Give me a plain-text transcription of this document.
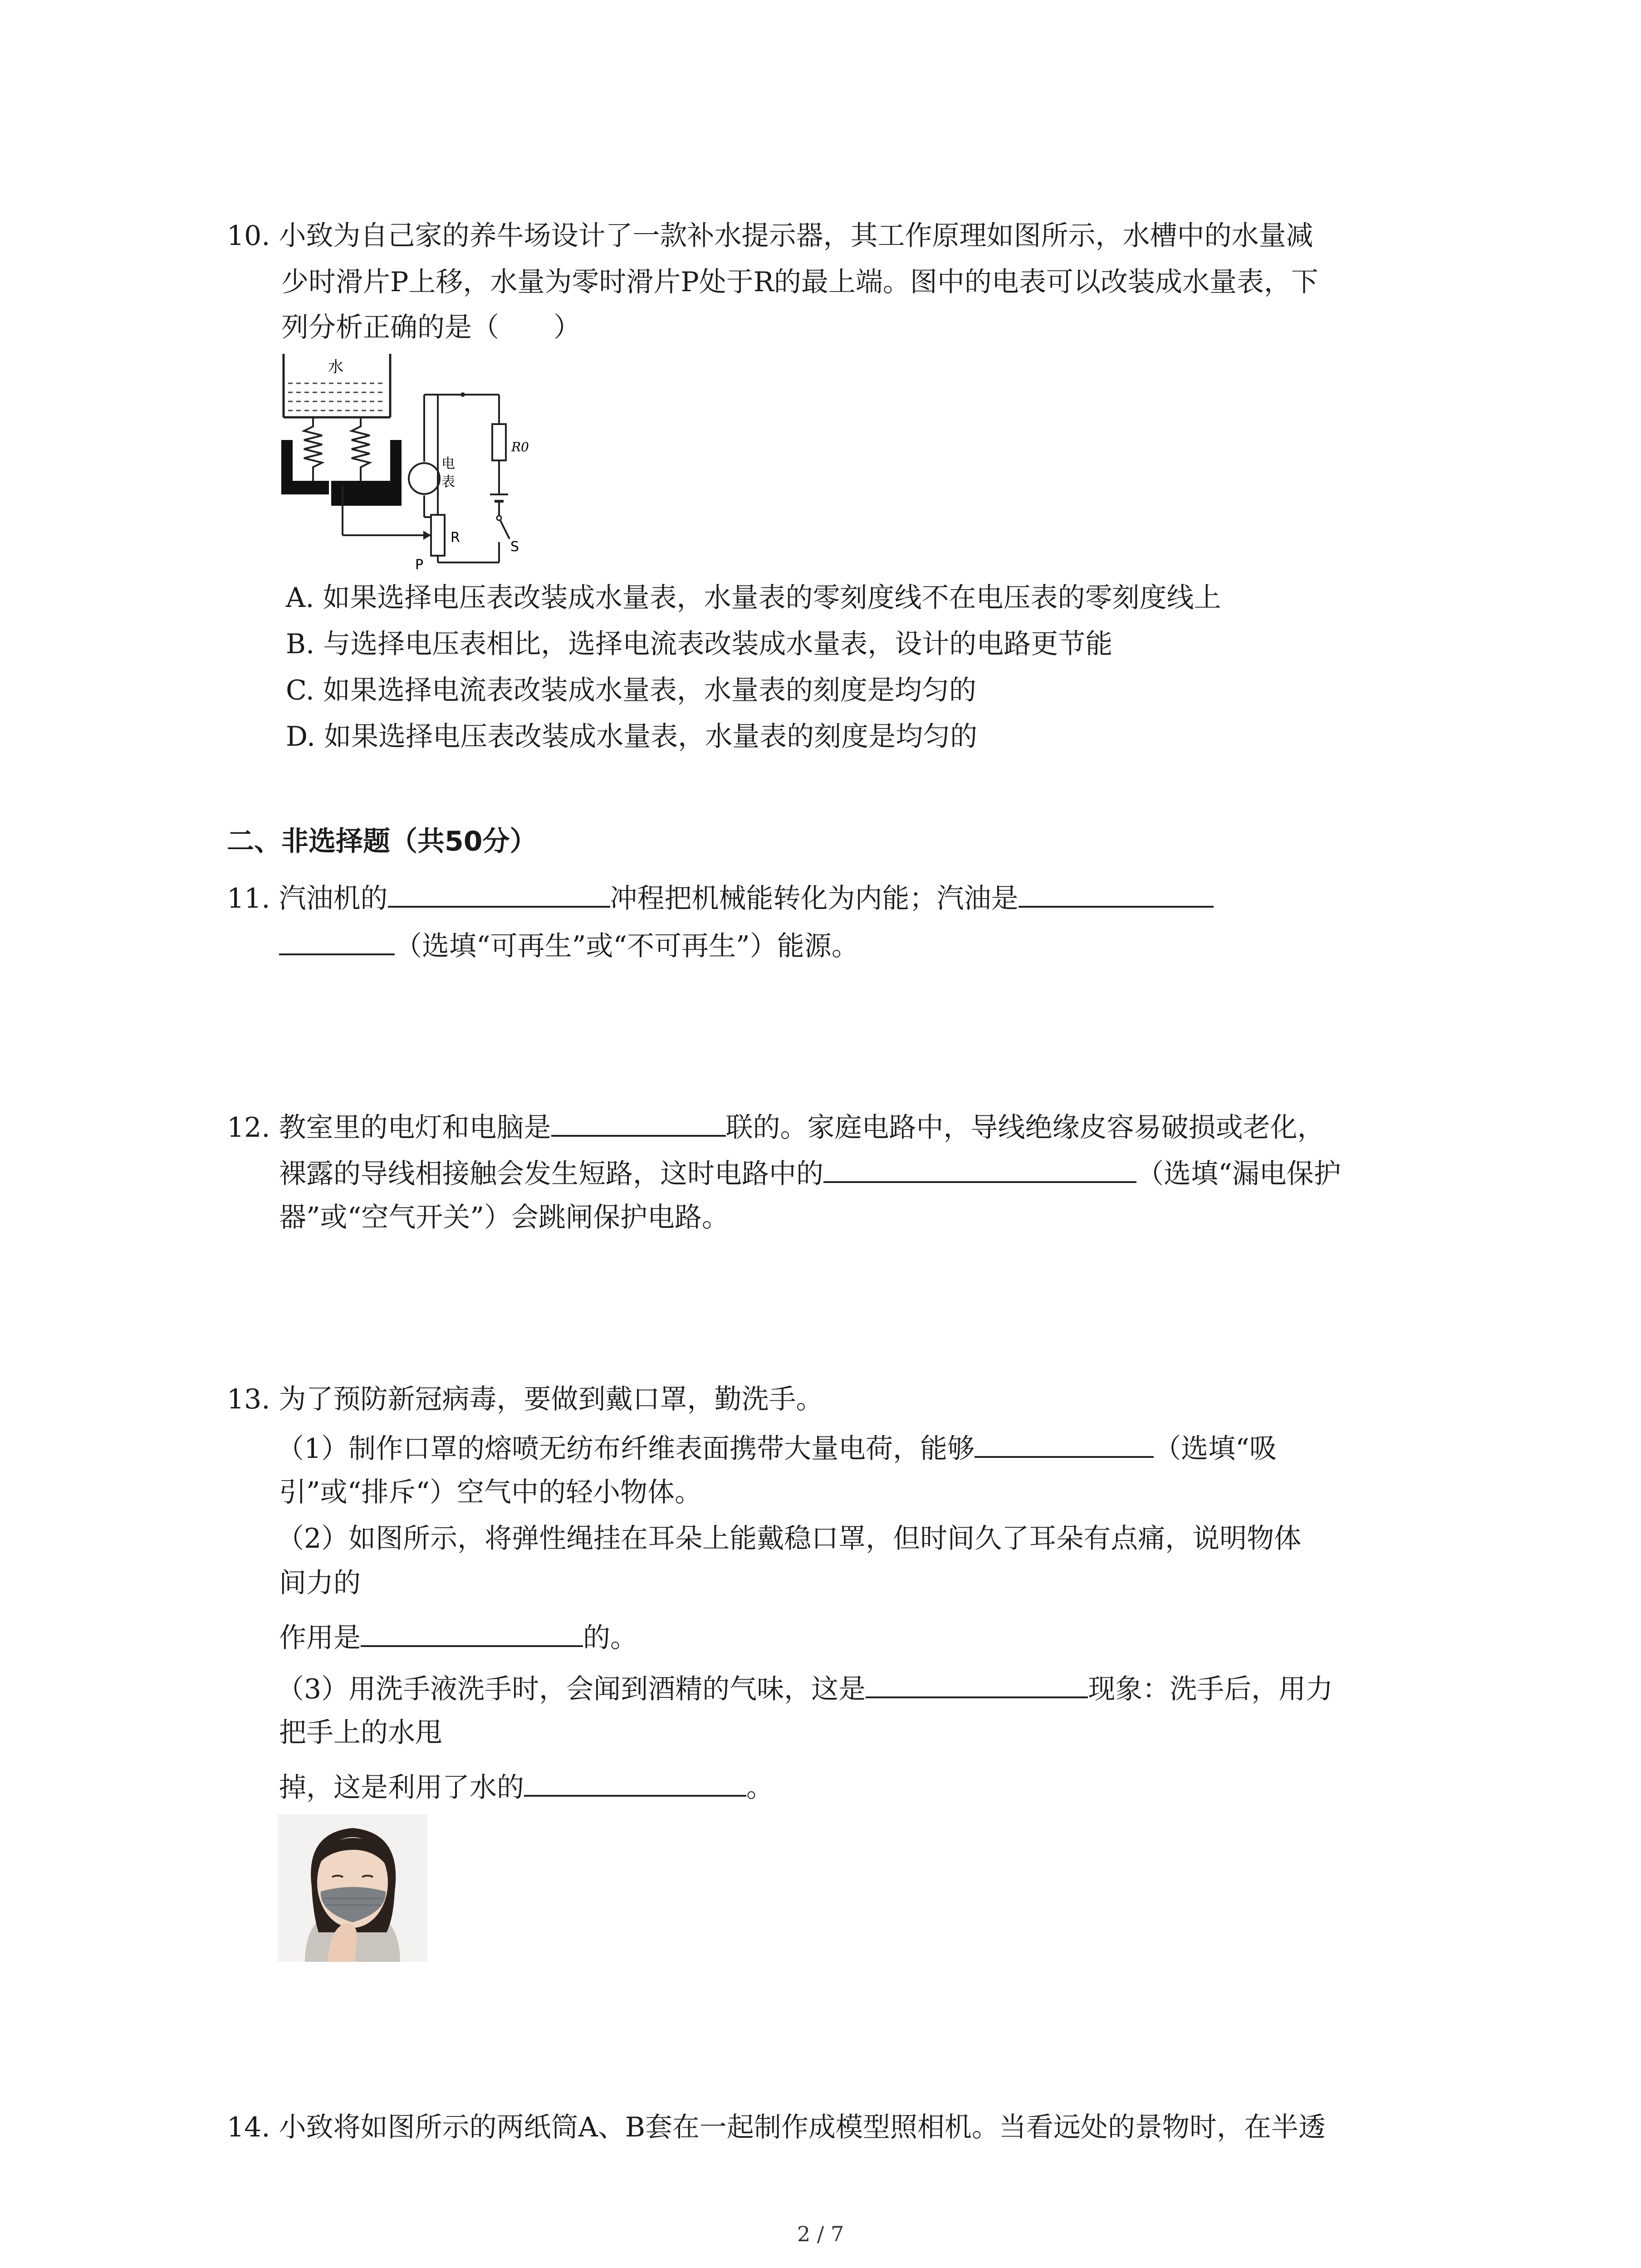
10. 小致为自己家的养牛场设计了一款补水提示器，其工作原理如图所示，水槽中的水量减
少时滑片P上移，水量为零时滑片P处于R的最上端。图中的电表可以改装成水量表，下
列分析正确的是（　　）
水
电
表
R0
S
R
P
A. 如果选择电压表改装成水量表，水量表的零刻度线不在电压表的零刻度线上
B. 与选择电压表相比，选择电流表改装成水量表，设计的电路更节能
C. 如果选择电流表改装成水量表，水量表的刻度是均匀的
D. 如果选择电压表改装成水量表，水量表的刻度是均匀的
二、非选择题（共50分）
11. 汽油机的	冲程把机械能转化为内能；汽油是
（选填“可再生”或“不可再生”）能源。
12. 教室里的电灯和电脑是	联的。家庭电路中，导线绝缘皮容易破损或老化，
裸露的导线相接触会发生短路，这时电路中的	（选填“漏电保护
器”或“空气开关”）会跳闸保护电路。
13. 为了预防新冠病毒，要做到戴口罩，勤洗手。
（1）制作口罩的熔喷无纺布纤维表面携带大量电荷，能够	（选填“吸
引”或“排斥“）空气中的轻小物体。
（2）如图所示，将弹性绳挂在耳朵上能戴稳口罩，但时间久了耳朵有点痛，说明物体
间力的
作用是	的。
（3）用洗手液洗手时，会闻到酒精的气味，这是	现象：洗手后，用力
把手上的水甩
掉，这是利用了水的	。
14. 小致将如图所示的两纸筒A、B套在一起制作成模型照相机。当看远处的景物时，在半透
2 / 7
